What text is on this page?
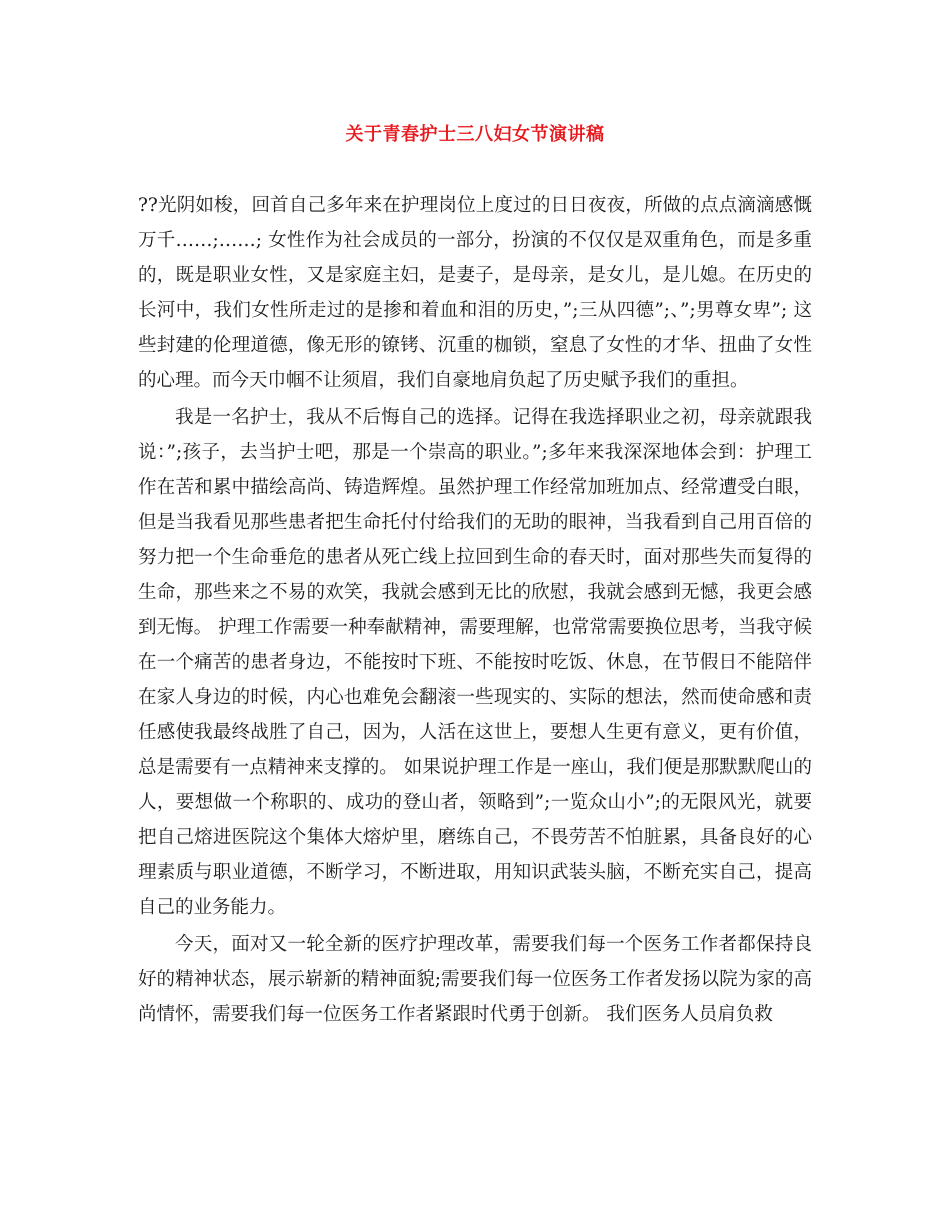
关于青春护士三八妇女节演讲稿

??光阴如梭，回首自己多年来在护理岗位上度过的日日夜夜，所做的点点滴滴感慨万千……;……; 女性作为社会成员的一部分，扮演的不仅仅是双重角色，而是多重的，既是职业女性，又是家庭主妇，是妻子，是母亲，是女儿，是儿媳。在历史的长河中，我们女性所走过的是掺和着血和泪的历史，”;三从四德”;、”;男尊女卑”; 这些封建的伦理道德，像无形的镣铐、沉重的枷锁，窒息了女性的才华、扭曲了女性的心理。而今天巾帼不让须眉，我们自豪地肩负起了历史赋予我们的重担。

我是一名护士，我从不后悔自己的选择。记得在我选择职业之初，母亲就跟我说：”;孩子，去当护士吧，那是一个崇高的职业。”;多年来我深深地体会到：护理工作在苦和累中描绘高尚、铸造辉煌。虽然护理工作经常加班加点、经常遭受白眼，但是当我看见那些患者把生命托付付给我们的无助的眼神，当我看到自己用百倍的努力把一个生命垂危的患者从死亡线上拉回到生命的春天时，面对那些失而复得的生命，那些来之不易的欢笑，我就会感到无比的欣慰，我就会感到无憾，我更会感到无悔。 护理工作需要一种奉献精神，需要理解，也常常需要换位思考，当我守候在一个痛苦的患者身边，不能按时下班、不能按时吃饭、休息，在节假日不能陪伴在家人身边的时候，内心也难免会翻滚一些现实的、实际的想法，然而使命感和责任感使我最终战胜了自己，因为，人活在这世上，要想人生更有意义，更有价值，总是需要有一点精神来支撑的。 如果说护理工作是一座山，我们便是那默默爬山的人，要想做一个称职的、成功的登山者，领略到”;一览众山小”;的无限风光，就要把自己熔进医院这个集体大熔炉里，磨练自己，不畏劳苦不怕脏累，具备良好的心理素质与职业道德，不断学习，不断进取，用知识武装头脑，不断充实自己，提高自己的业务能力。

今天，面对又一轮全新的医疗护理改革，需要我们每一个医务工作者都保持良好的精神状态，展示崭新的精神面貌;需要我们每一位医务工作者发扬以院为家的高尚情怀，需要我们每一位医务工作者紧跟时代勇于创新。 我们医务人员肩负救
